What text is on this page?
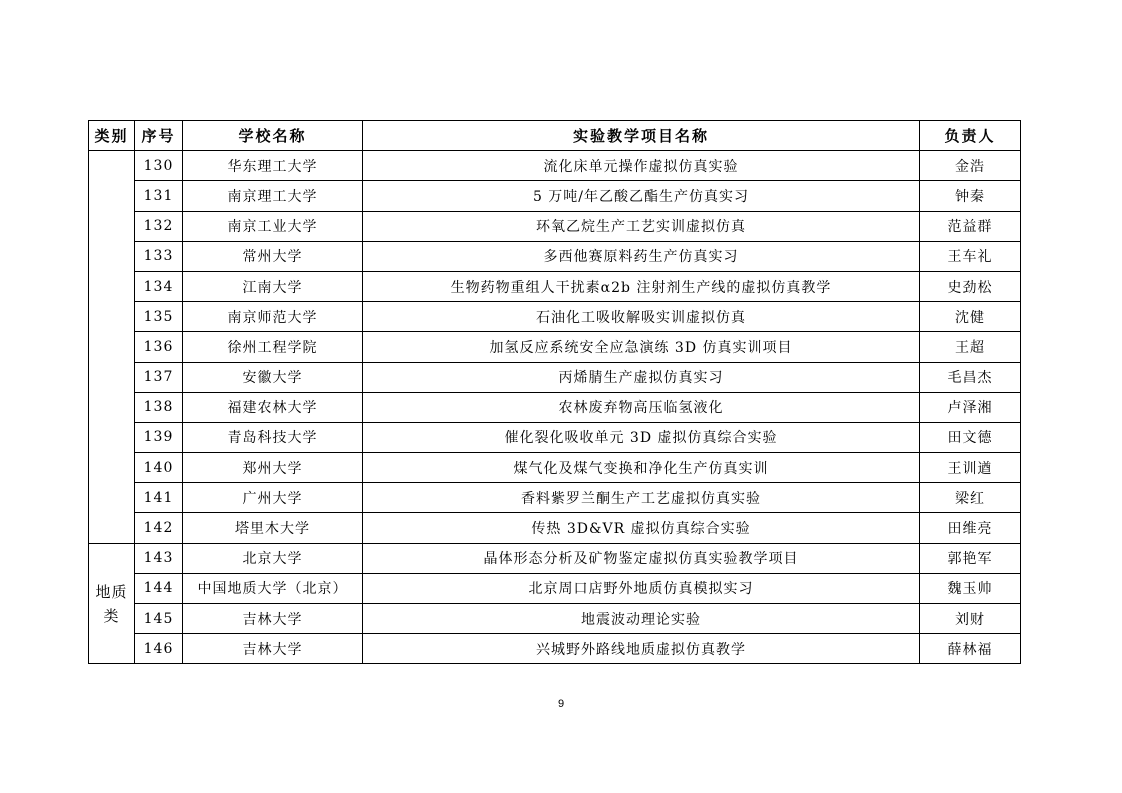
类别	序号	学校名称	实验教学项目名称	负责人
	130	华东理工大学	流化床单元操作虚拟仿真实验	金浩
	131	南京理工大学	5 万吨/年乙酸乙酯生产仿真实习	钟秦
	132	南京工业大学	环氧乙烷生产工艺实训虚拟仿真	范益群
	133	常州大学	多西他赛原料药生产仿真实习	王车礼
	134	江南大学	生物药物重组人干扰素α2b 注射剂生产线的虚拟仿真教学	史劲松
	135	南京师范大学	石油化工吸收解吸实训虚拟仿真	沈健
	136	徐州工程学院	加氢反应系统安全应急演练 3D 仿真实训项目	王超
	137	安徽大学	丙烯腈生产虚拟仿真实习	毛昌杰
	138	福建农林大学	农林废弃物高压临氢液化	卢泽湘
	139	青岛科技大学	催化裂化吸收单元 3D 虚拟仿真综合实验	田文德
	140	郑州大学	煤气化及煤气变换和净化生产仿真实训	王训遒
	141	广州大学	香料紫罗兰酮生产工艺虚拟仿真实验	梁红
	142	塔里木大学	传热 3D&VR 虚拟仿真综合实验	田维亮

地质
类	143	北京大学	晶体形态分析及矿物鉴定虚拟仿真实验教学项目	郭艳军
	144	中国地质大学（北京）	北京周口店野外地质仿真模拟实习	魏玉帅
	145	吉林大学	地震波动理论实验	刘财
	146	吉林大学	兴城野外路线地质虚拟仿真教学	薛林福
9
